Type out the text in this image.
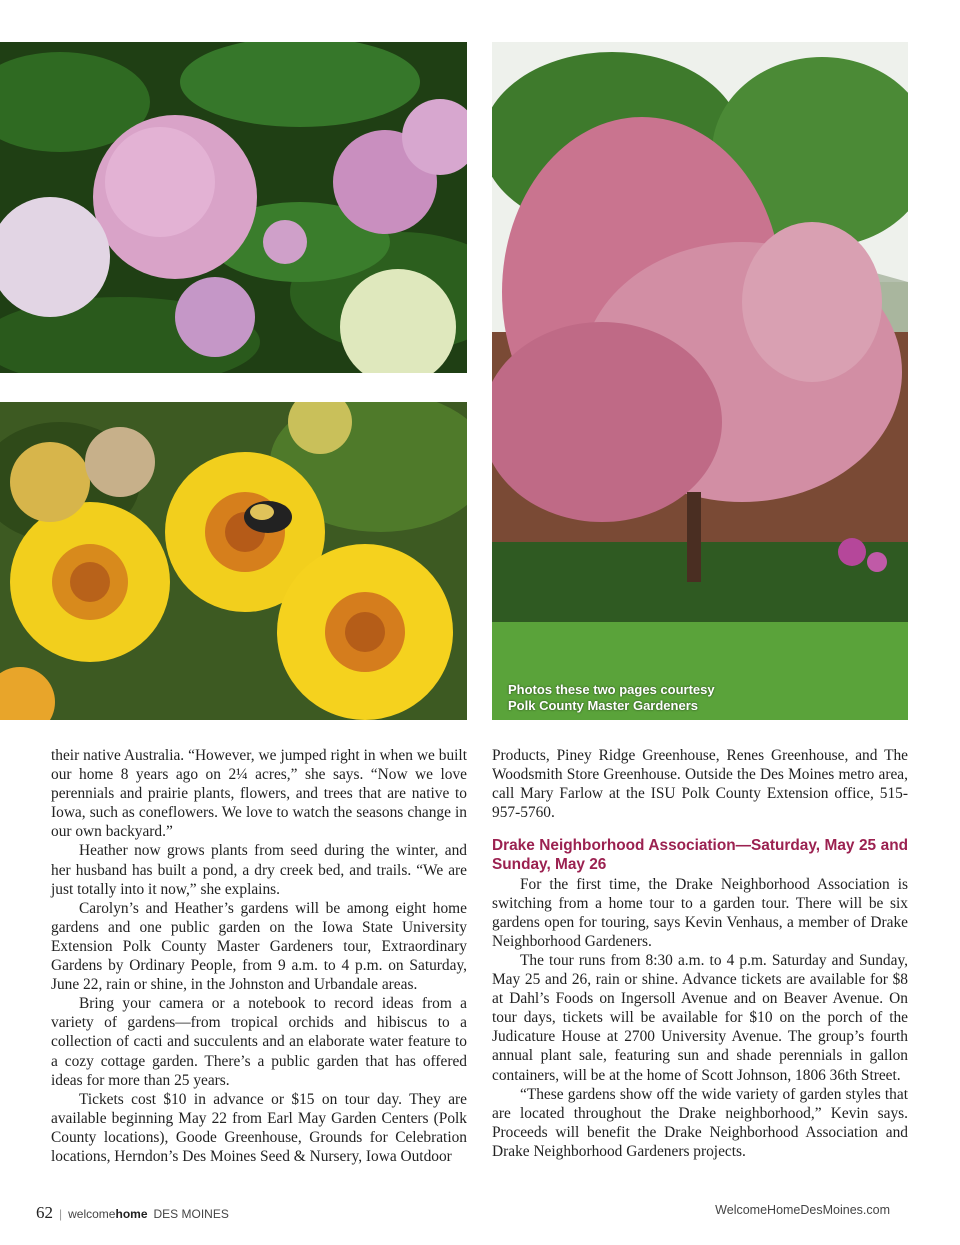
Photos these two pages courtesy
Polk County Master Gardeners

their native Australia. “However, we jumped right in when we built our home 8 years ago on 2¼ acres,” she says. “Now we love perennials and prairie plants, flowers, and trees that are native to Iowa, such as coneflowers. We love to watch the seasons change in our own backyard.”

Heather now grows plants from seed during the winter, and her husband has built a pond, a dry creek bed, and trails. “We are just totally into it now,” she explains.

Carolyn’s and Heather’s gardens will be among eight home gardens and one public garden on the Iowa State University Extension Polk County Master Gardeners tour, Extraordinary Gardens by Ordinary People, from 9 a.m. to 4 p.m. on Saturday, June 22, rain or shine, in the Johnston and Urbandale areas.

Bring your camera or a notebook to record ideas from a variety of gardens—from tropical orchids and hibiscus to a collection of cacti and succulents and an elaborate water feature to a cozy cottage garden. There’s a public garden that has offered ideas for more than 25 years.

Tickets cost $10 in advance or $15 on tour day. They are available beginning May 22 from Earl May Garden Centers (Polk County locations), Goode Greenhouse, Grounds for Celebration locations, Herndon’s Des Moines Seed & Nursery, Iowa Outdoor

Products, Piney Ridge Greenhouse, Renes Greenhouse, and The Woodsmith Store Greenhouse. Outside the Des Moines metro area, call Mary Farlow at the ISU Polk County Extension office, 515-957-5760.

Drake Neighborhood Association—Saturday, May 25 and Sunday, May 26

For the first time, the Drake Neighborhood Association is switching from a home tour to a garden tour. There will be six gardens open for touring, says Kevin Venhaus, a member of Drake Neighborhood Gardeners.

The tour runs from 8:30 a.m. to 4 p.m. Saturday and Sunday, May 25 and 26, rain or shine. Advance tickets are available for $8 at Dahl’s Foods on Ingersoll Avenue and on Beaver Avenue. On tour days, tickets will be available for $10 on the porch of the Judicature House at 2700 University Avenue. The group’s fourth annual plant sale, featuring sun and shade perennials in gallon containers, will be at the home of Scott Johnson, 1806 36th Street.

“These gardens show off the wide variety of garden styles that are located throughout the Drake neighborhood,” Kevin says. Proceeds will benefit the Drake Neighborhood Association and Drake Neighborhood Gardeners projects.

62 | welcomehome DES MOINES	WelcomeHomeDesMoines.com
